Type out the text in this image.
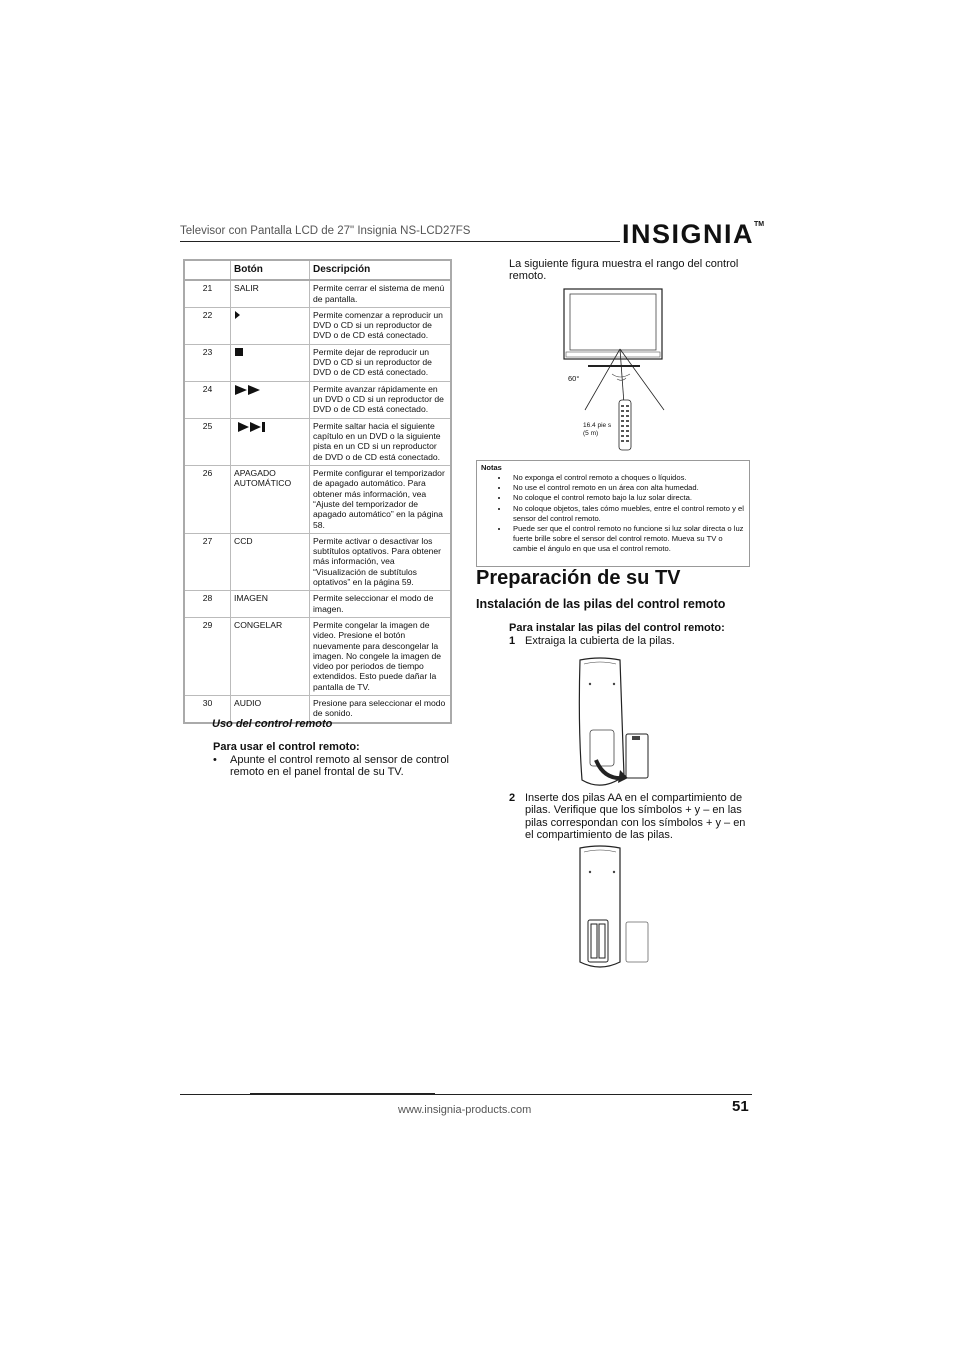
Televisor con Pantalla LCD de 27" Insignia NS-LCD27FS	INSIGNIA™
	Botón	Descripción
21	SALIR	Permite cerrar el sistema de menú de pantalla.
22		Permite comenzar a reproducir un DVD o CD si un reproductor de DVD o de CD está conectado.
23		Permite dejar de reproducir un DVD o CD si un reproductor de DVD o de CD está conectado.
24		Permite avanzar rápidamente en un DVD o CD si un reproductor de DVD o de CD está conectado.
25		Permite saltar hacia el siguiente capítulo en un DVD o la siguiente pista en un CD si un reproductor de DVD o de CD está conectado.
26	APAGADO AUTOMÁTICO	Permite configurar el temporizador de apagado automático. Para obtener más información, vea “Ajuste del temporizador de apagado automático” en la página 58.
27	CCD	Permite activar o desactivar los subtítulos optativos. Para obtener más información, vea “Visualización de subtítulos optativos” en la página 59.
28	IMAGEN	Permite seleccionar el modo de imagen.
29	CONGELAR	Permite congelar la imagen de video. Presione el botón nuevamente para descongelar la imagen. No congele la imagen de video por periodos de tiempo extendidos. Esto puede dañar la pantalla de TV.
30	AUDIO	Presione para seleccionar el modo de sonido.
Uso del control remoto
Para usar el control remoto:
• Apunte el control remoto al sensor de control remoto en el panel frontal de su TV.
La siguiente figura muestra el rango del control remoto.
60°
16.4 pie s (5 m)
Notas
• No exponga el control remoto a choques o líquidos.
• No use el control remoto en un área con alta humedad.
• No coloque el control remoto bajo la luz solar directa.
• No coloque objetos, tales cómo muebles, entre el control remoto y el sensor del control remoto.
• Puede ser que el control remoto no funcione si luz solar directa o luz fuerte brille sobre el sensor del control remoto. Mueva su TV o cambie el ángulo en que usa el control remoto.
Preparación de su TV
Instalación de las pilas del control remoto
Para instalar las pilas del control remoto:
1 Extraiga la cubierta de la pilas.
2 Inserte dos pilas AA en el compartimiento de pilas. Verifique que los símbolos + y – en las pilas correspondan con los símbolos + y – en el compartimiento de las pilas.
www.insignia-products.com	51
